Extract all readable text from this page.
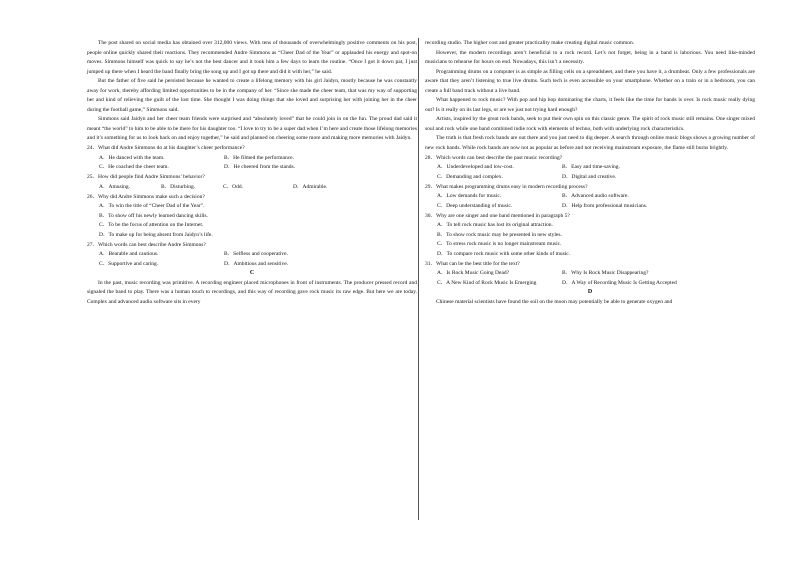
The post shared on social media has obtained over 312,000 views. With tens of thousands of overwhelmingly positive comments on his post, people online quickly shared their reactions. They recommended Andre Simmons as “Cheer Dad of the Year” or applauded his energy and spot-on moves. Simmons himself was quick to say he’s not the best dancer and it took him a few days to learn the routine. “Once I got it down pat, I just jumped up there when I heard the band finally bring the song up and I got up there and did it with her,” he said.

But the father of five said he persisted because he wanted to create a lifelong memory with his girl Jaidyn, mostly because he was constantly away for work, thereby affording limited opportunities to be in the company of her. “Since she made the cheer team, that was my way of supporting her and kind of relieving the guilt of the lost time. She thought I was doing things that she loved and surprising her with joining her in the cheer during the football game,” Simmons said.

Simmons said Jaidyn and her cheer team friends were surprised and “absolutely loved” that he could join in on the fun. The proud dad said it meant “the world” to him to be able to be there for his daughter too. “I love to try to be a super dad when I’m here and create those lifelong memories and it’s something for us to look back on and enjoy together,” he said and planned on cheering some more and making more memories with Jaidyn.

24．What did Andre Simmons do at his daughter’s cheer performance?
A．He danced with the team.	B．He filmed the performance.
C．He coached the cheer team.	D．He cheered from the stands.
25．How did people find Andre Simmons’ behavior?
A．Amusing.	B．Disturbing.	C．Odd.	D．Admirable.
26．Why did Andre Simmons make such a decision?
A．To win the title of “Cheer Dad of the Year”.
B．To show off his newly learned dancing skills.
C．To be the focus of attention on the Internet.
D．To make up for being absent from Jaidyn’s life.
27．Which words can best describe Andre Simmons?
A．Bearable and cautious.	B．Selfless and cooperative.
C．Supportive and caring.	D．Ambitious and sensitive.
C

In the past, music recording was primitive. A recording engineer placed microphones in front of instruments. The producer pressed record and signaled the band to play. There was a human touch to recordings, and this way of recording gave rock music its raw edge. But here we are today. Complex and advanced audio software sits in every

recording studio. The higher cost and greater practicality make creating digital music common.

However, the modern recordings aren’t beneficial to a rock record. Let’s not forget, being in a band is laborious. You need like-minded musicians to rehearse for hours on end. Nowadays, this isn’t a necessity.

Programming drums on a computer is as simple as filling cells on a spreadsheet, and there you have it, a drumbeat. Only a few professionals are aware that they aren’t listening to true live drums. Such tech is even accessible on your smartphone. Whether on a train or in a bedroom, you can create a full band track without a live band.

What happened to rock music? With pop and hip hop dominating the charts, it feels like the time for bands is over. Is rock music really dying out? Is it really on its last legs, or are we just not trying hard enough?

Artists, inspired by the great rock bands, seek to put their own spin on this classic genre. The spirit of rock music still remains. One singer mixed soul and rock while one band combined indie rock with elements of techno, both with underlying rock characteristics.

The truth is that fresh rock bands are out there and you just need to dig deeper. A search through online music blogs shows a growing number of new rock bands. While rock bands are now not as popular as before and not receiving mainstream exposure, the flame still burns brightly.

28．Which words can best describe the past music recording?
A．Underdeveloped and low-cost.	B．Easy and time-saving.
C．Demanding and complex.	D．Digital and creative.
29．What makes programming drums easy in modern recording process?
A．Low demands for music.	B．Advanced audio software.
C．Deep understanding of music.	D．Help from professional musicians.
30．Why are one singer and one band mentioned in paragraph 5?
A．To tell rock music has lost its original attraction.
B．To show rock music may be presented in new styles.
C．To stress rock music is no longer mainstream music.
D．To compare rock music with some other kinds of music.
31．What can be the best title for the text?
A．Is Rock Music Going Dead?	B．Why Is Rock Music Disappearing?
C．A New Kind of Rock Music Is Emerging	D．A Way of Recording Music Is Getting Accepted
D

Chinese material scientists have found the soil on the moon may potentially be able to generate oxygen and
